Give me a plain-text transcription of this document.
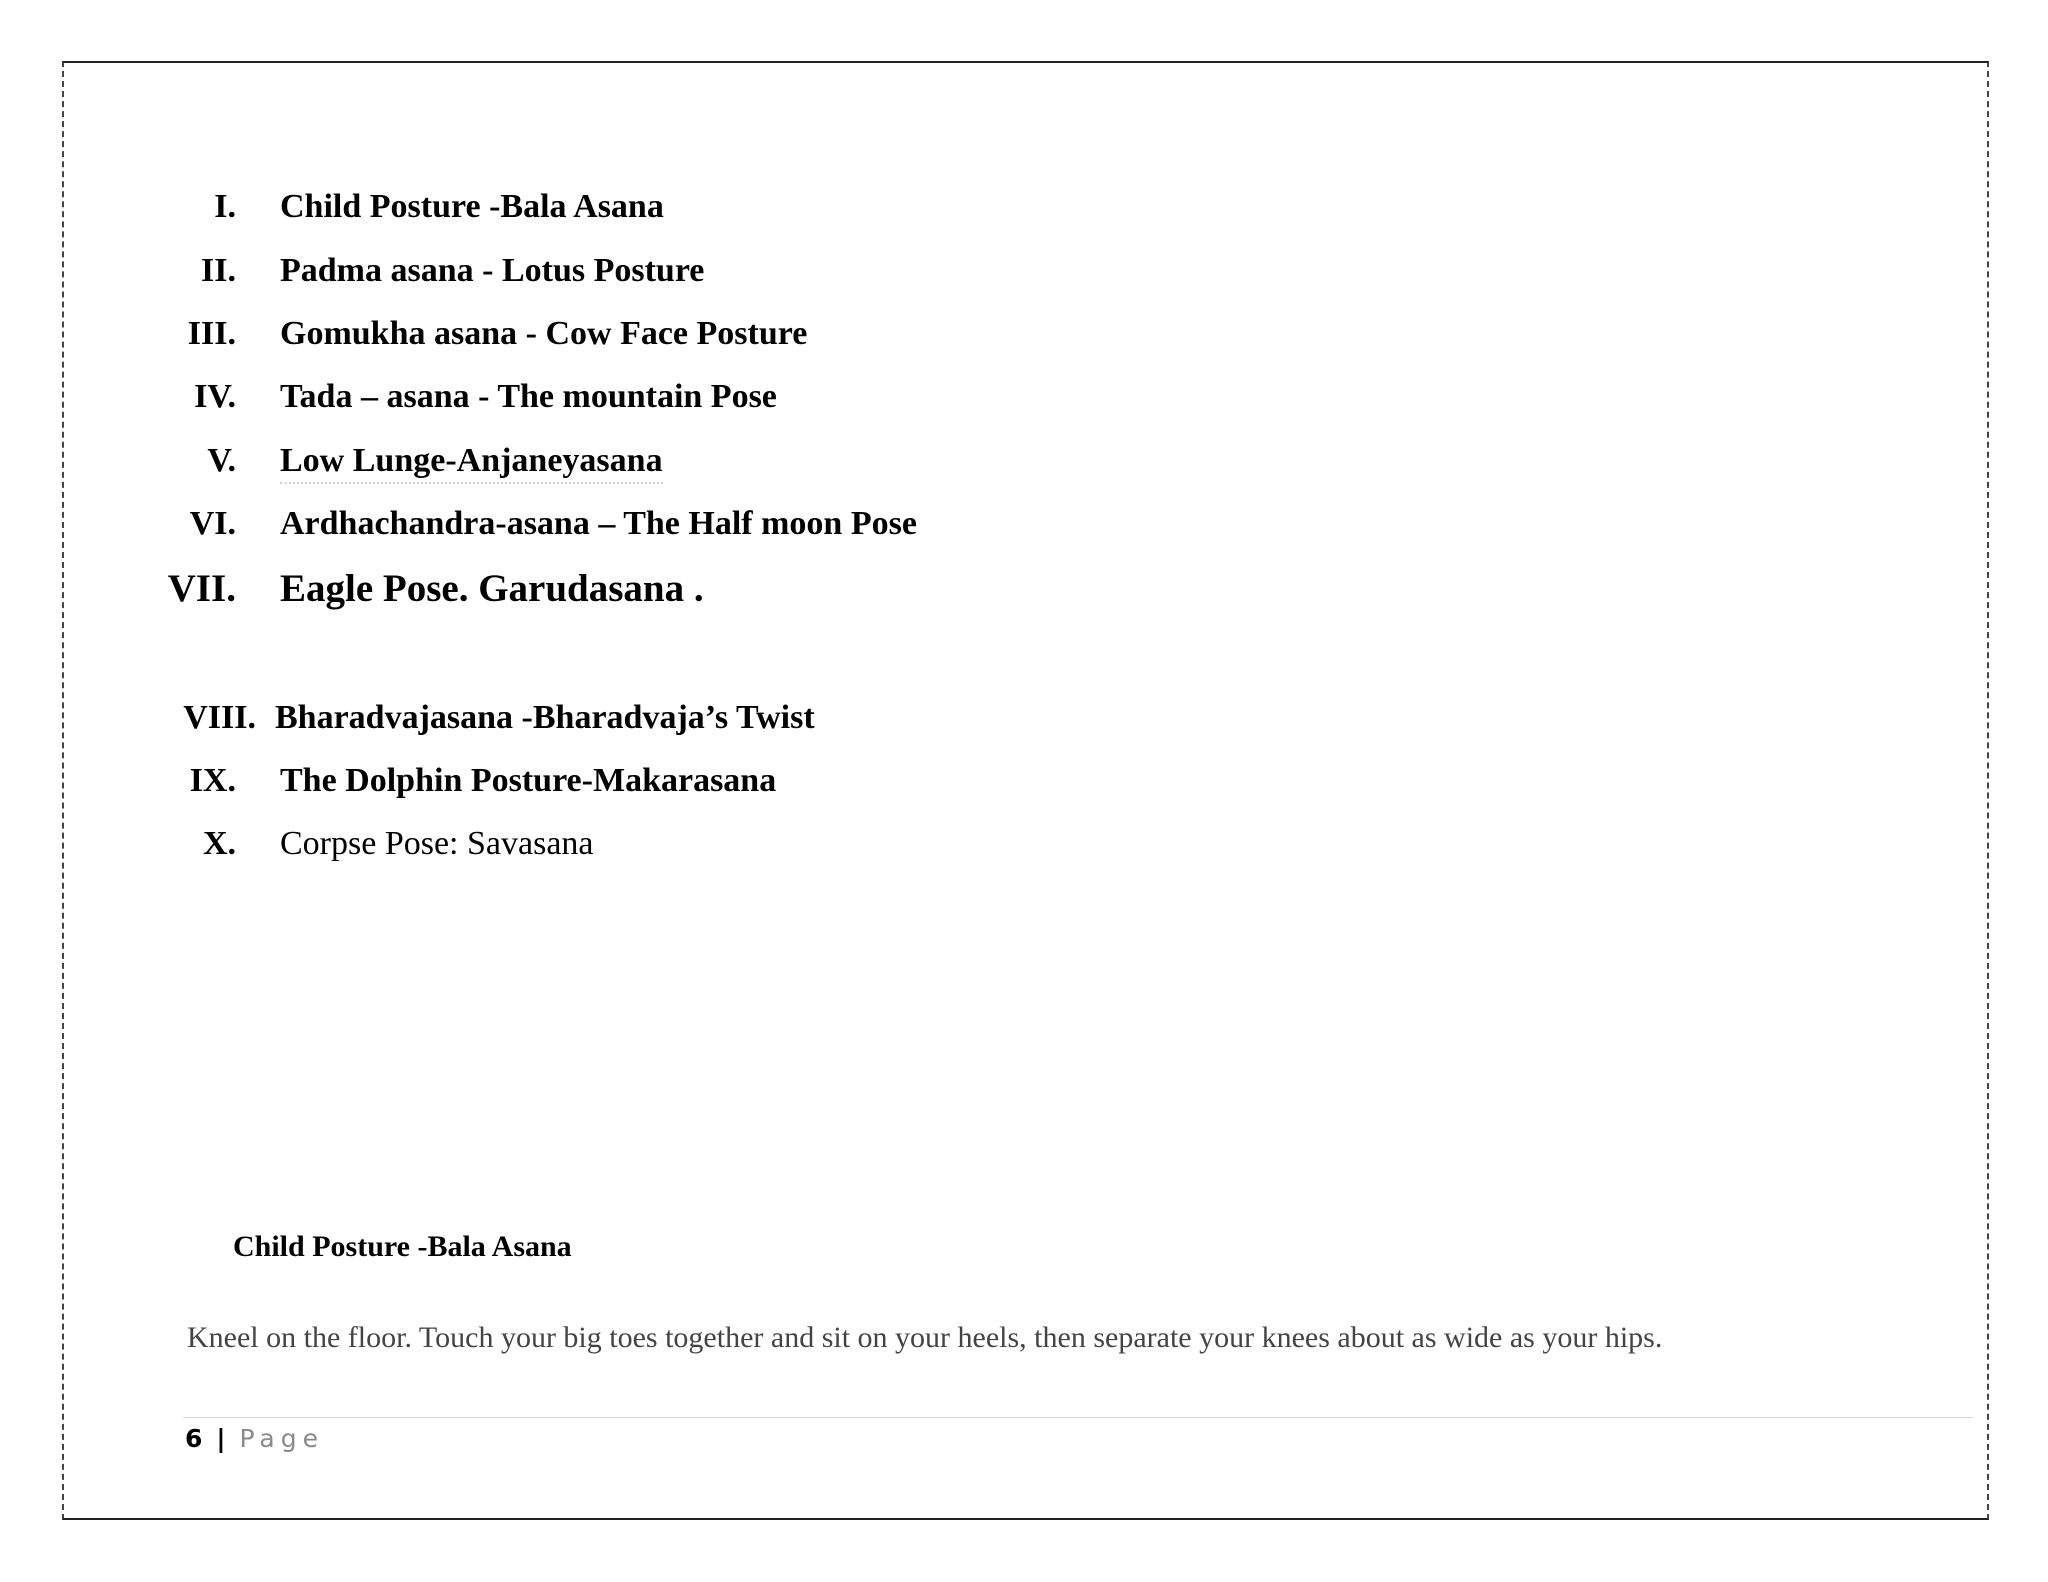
I. Child Posture -Bala Asana
II. Padma asana - Lotus Posture
III. Gomukha asana - Cow Face Posture
IV. Tada – asana - The mountain Pose
V. Low Lunge-Anjaneyasana
VI. Ardhachandra-asana – The Half moon Pose
VII. Eagle Pose. Garudasana .
VIII. Bharadvajasana -Bharadvaja’s Twist
IX. The Dolphin Posture-Makarasana
X. Corpse Pose: Savasana
Child Posture -Bala Asana
Kneel on the floor. Touch your big toes together and sit on your heels, then separate your knees about as wide as your hips.
6 | Page
